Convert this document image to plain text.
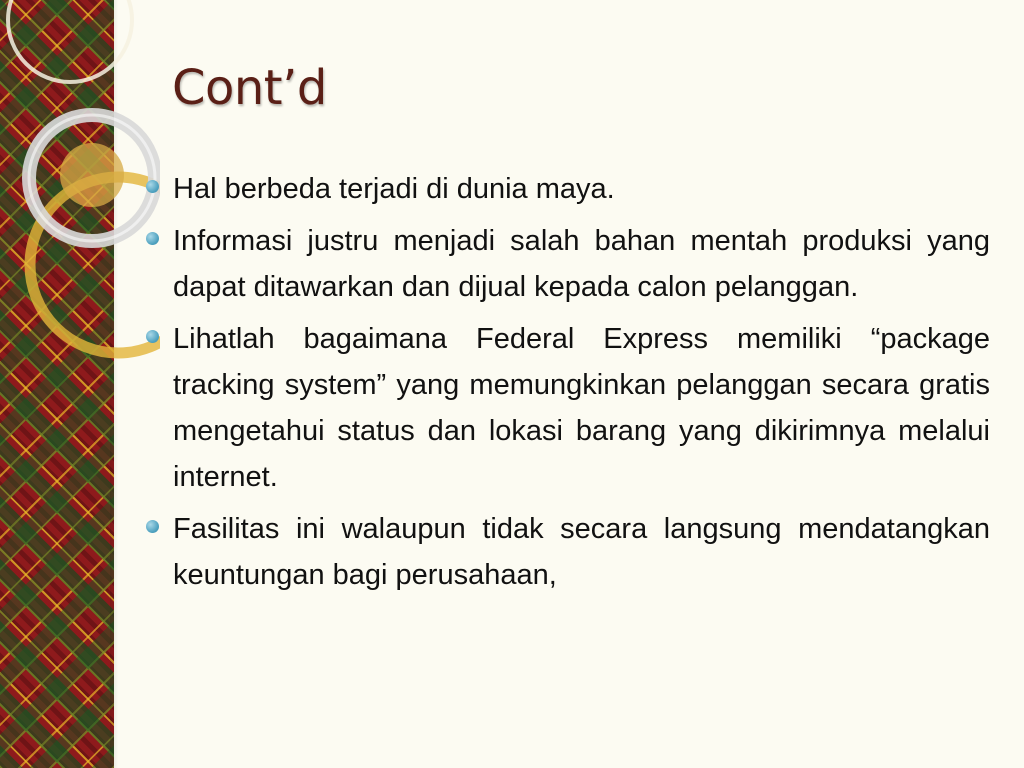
Cont’d
Hal berbeda terjadi di dunia maya.
Informasi justru menjadi salah bahan mentah produksi yang dapat ditawarkan dan dijual kepada calon pelanggan.
Lihatlah bagaimana Federal Express memiliki “package tracking system” yang memungkinkan pelanggan secara gratis mengetahui status dan lokasi barang yang dikirimnya melalui internet.
Fasilitas ini walaupun tidak secara langsung mendatangkan keuntungan bagi perusahaan,
